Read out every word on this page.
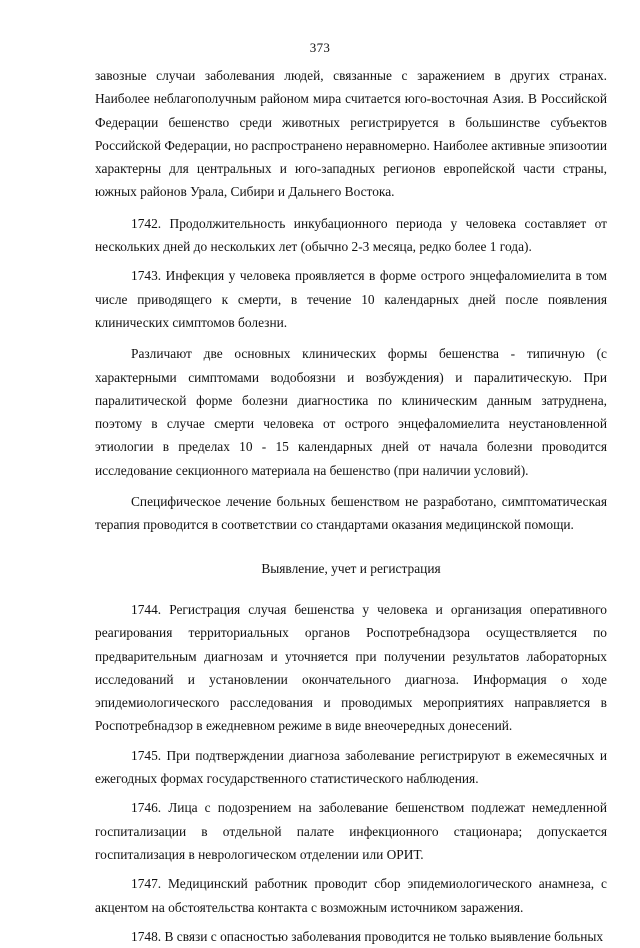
373

завозные случаи заболевания людей, связанные с заражением в других странах. Наиболее неблагополучным районом мира считается юго-восточная Азия. В Российской Федерации бешенство среди животных регистрируется в большинстве субъектов Российской Федерации, но распространено неравномерно. Наиболее активные эпизоотии характерны для центральных и юго-западных регионов европейской части страны, южных районов Урала, Сибири и Дальнего Востока.

1742. Продолжительность инкубационного периода у человека составляет от нескольких дней до нескольких лет (обычно 2-3 месяца, редко более 1 года).

1743. Инфекция у человека проявляется в форме острого энцефаломиелита в том числе приводящего к смерти, в течение 10 календарных дней после появления клинических симптомов болезни.

Различают две основных клинических формы бешенства - типичную (с характерными симптомами водобоязни и возбуждения) и паралитическую. При паралитической форме болезни диагностика по клиническим данным затруднена, поэтому в случае смерти человека от острого энцефаломиелита неустановленной этиологии в пределах 10 - 15 календарных дней от начала болезни проводится исследование секционного материала на бешенство (при наличии условий).

Специфическое лечение больных бешенством не разработано, симптоматическая терапия проводится в соответствии со стандартами оказания медицинской помощи.

Выявление, учет и регистрация

1744. Регистрация случая бешенства у человека и организация оперативного реагирования территориальных органов Роспотребнадзора осуществляется по предварительным диагнозам и уточняется при получении результатов лабораторных исследований и установлении окончательного диагноза. Информация о ходе эпидемиологического расследования и проводимых мероприятиях направляется в Роспотребнадзор в ежедневном режиме в виде внеочередных донесений.

1745. При подтверждении диагноза заболевание регистрируют в ежемесячных и ежегодных формах государственного статистического наблюдения.

1746. Лица с подозрением на заболевание бешенством подлежат немедленной госпитализации в отдельной палате инфекционного стационара; допускается госпитализация в неврологическом отделении или ОРИТ.

1747. Медицинский работник проводит сбор эпидемиологического анамнеза, с акцентом на обстоятельства контакта с возможным источником заражения.

1748. В связи с опасностью заболевания проводится не только выявление больных
